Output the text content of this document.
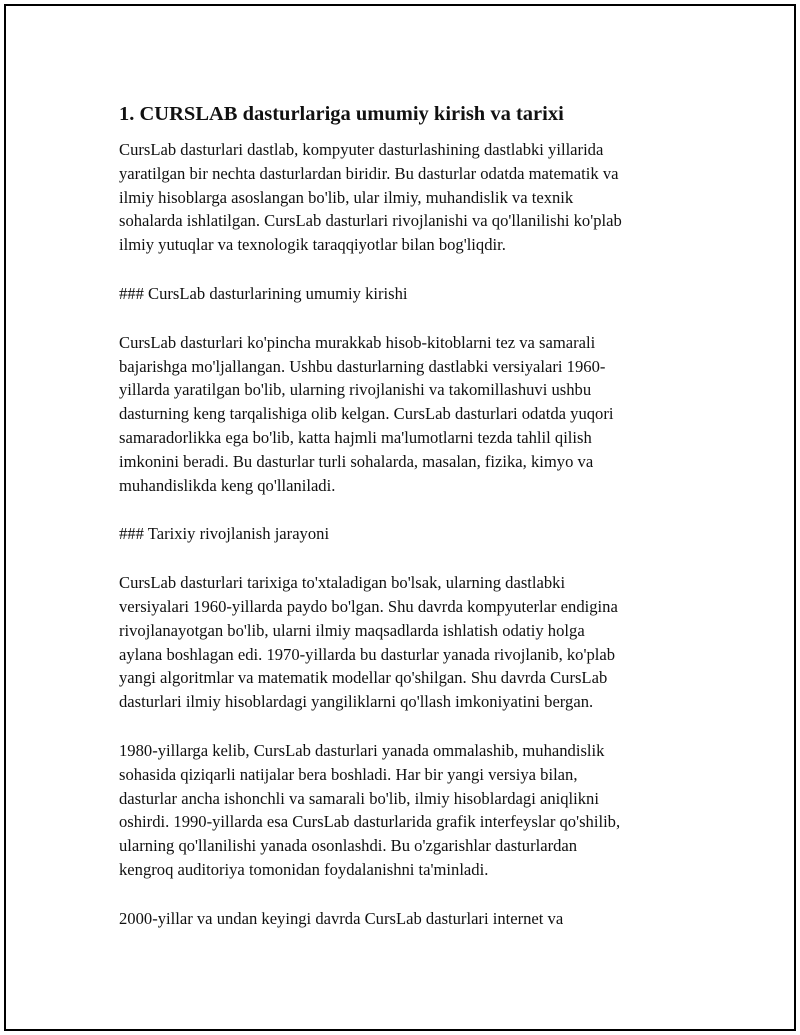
1. CURSLAB dasturlariga umumiy kirish va tarixi

CursLab dasturlari dastlab, kompyuter dasturlashining dastlabki yillarida
yaratilgan bir nechta dasturlardan biridir. Bu dasturlar odatda matematik va
ilmiy hisoblarga asoslangan bo'lib, ular ilmiy, muhandislik va texnik
sohalarda ishlatilgan. CursLab dasturlari rivojlanishi va qo'llanilishi ko'plab
ilmiy yutuqlar va texnologik taraqqiyotlar bilan bog'liqdir.

### CursLab dasturlarining umumiy kirishi

CursLab dasturlari ko'pincha murakkab hisob-kitoblarni tez va samarali
bajarishga mo'ljallangan. Ushbu dasturlarning dastlabki versiyalari 1960-
yillarda yaratilgan bo'lib, ularning rivojlanishi va takomillashuvi ushbu
dasturning keng tarqalishiga olib kelgan. CursLab dasturlari odatda yuqori
samaradorlikka ega bo'lib, katta hajmli ma'lumotlarni tezda tahlil qilish
imkonini beradi. Bu dasturlar turli sohalarda, masalan, fizika, kimyo va
muhandislikda keng qo'llaniladi.

### Tarixiy rivojlanish jarayoni

CursLab dasturlari tarixiga to'xtaladigan bo'lsak, ularning dastlabki
versiyalari 1960-yillarda paydo bo'lgan. Shu davrda kompyuterlar endigina
rivojlanayotgan bo'lib, ularni ilmiy maqsadlarda ishlatish odatiy holga
aylana boshlagan edi. 1970-yillarda bu dasturlar yanada rivojlanib, ko'plab
yangi algoritmlar va matematik modellar qo'shilgan. Shu davrda CursLab
dasturlari ilmiy hisoblardagi yangiliklarni qo'llash imkoniyatini bergan.

1980-yillarga kelib, CursLab dasturlari yanada ommalashib, muhandislik
sohasida qiziqarli natijalar bera boshladi. Har bir yangi versiya bilan,
dasturlar ancha ishonchli va samarali bo'lib, ilmiy hisoblardagi aniqlikni
oshirdi. 1990-yillarda esa CursLab dasturlarida grafik interfeyslar qo'shilib,
ularning qo'llanilishi yanada osonlashdi. Bu o'zgarishlar dasturlardan
kengroq auditoriya tomonidan foydalanishni ta'minladi.

2000-yillar va undan keyingi davrda CursLab dasturlari internet va
